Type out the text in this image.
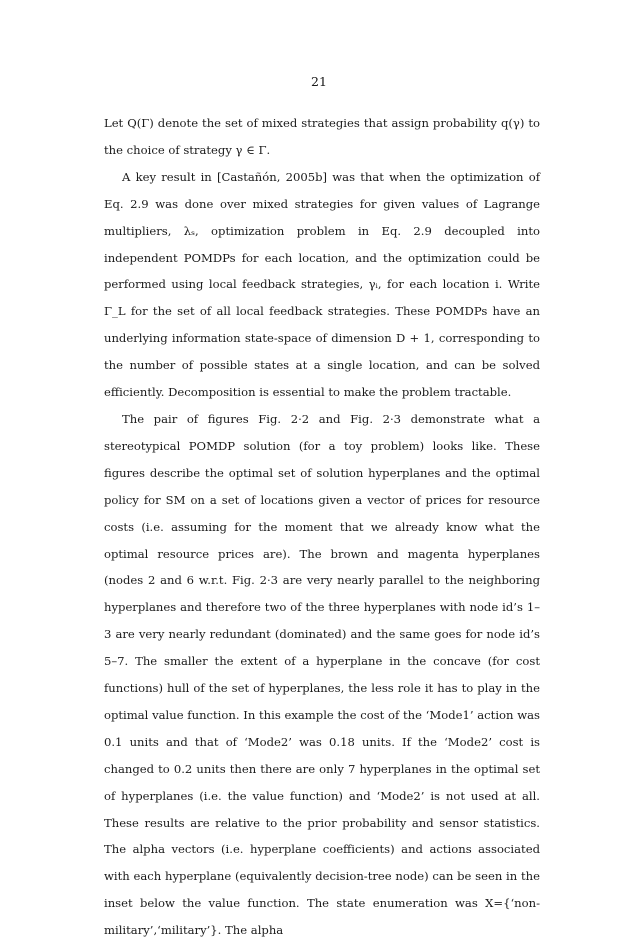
21

Let Q(Γ) denote the set of mixed strategies that assign probability q(γ) to the choice of strategy γ ∈ Γ.

A key result in [Castañón, 2005b] was that when the optimization of Eq. 2.9 was done over mixed strategies for given values of Lagrange multipliers, λₛ, optimization problem in Eq. 2.9 decoupled into independent POMDPs for each location, and the optimization could be performed using local feedback strategies, γᵢ, for each location i. Write Γ_L for the set of all local feedback strategies. These POMDPs have an underlying information state-space of dimension D + 1, corresponding to the number of possible states at a single location, and can be solved efficiently. Decomposition is essential to make the problem tractable.

The pair of figures Fig. 2·2 and Fig. 2·3 demonstrate what a stereotypical POMDP solution (for a toy problem) looks like. These figures describe the optimal set of solution hyperplanes and the optimal policy for SM on a set of locations given a vector of prices for resource costs (i.e. assuming for the moment that we already know what the optimal resource prices are). The brown and magenta hyperplanes (nodes 2 and 6 w.r.t. Fig. 2·3 are very nearly parallel to the neighboring hyperplanes and therefore two of the three hyperplanes with node id’s 1–3 are very nearly redundant (dominated) and the same goes for node id’s 5–7. The smaller the extent of a hyperplane in the concave (for cost functions) hull of the set of hyperplanes, the less role it has to play in the optimal value function. In this example the cost of the ‘Mode1’ action was 0.1 units and that of ‘Mode2’ was 0.18 units. If the ‘Mode2’ cost is changed to 0.2 units then there are only 7 hyperplanes in the optimal set of hyperplanes (i.e. the value function) and ‘Mode2’ is not used at all. These results are relative to the prior probability and sensor statistics. The alpha vectors (i.e. hyperplane coefficients) and actions associated with each hyperplane (equivalently decision-tree node) can be seen in the inset below the value function. The state enumeration was X={‘non-military’,‘military’}. The alpha
